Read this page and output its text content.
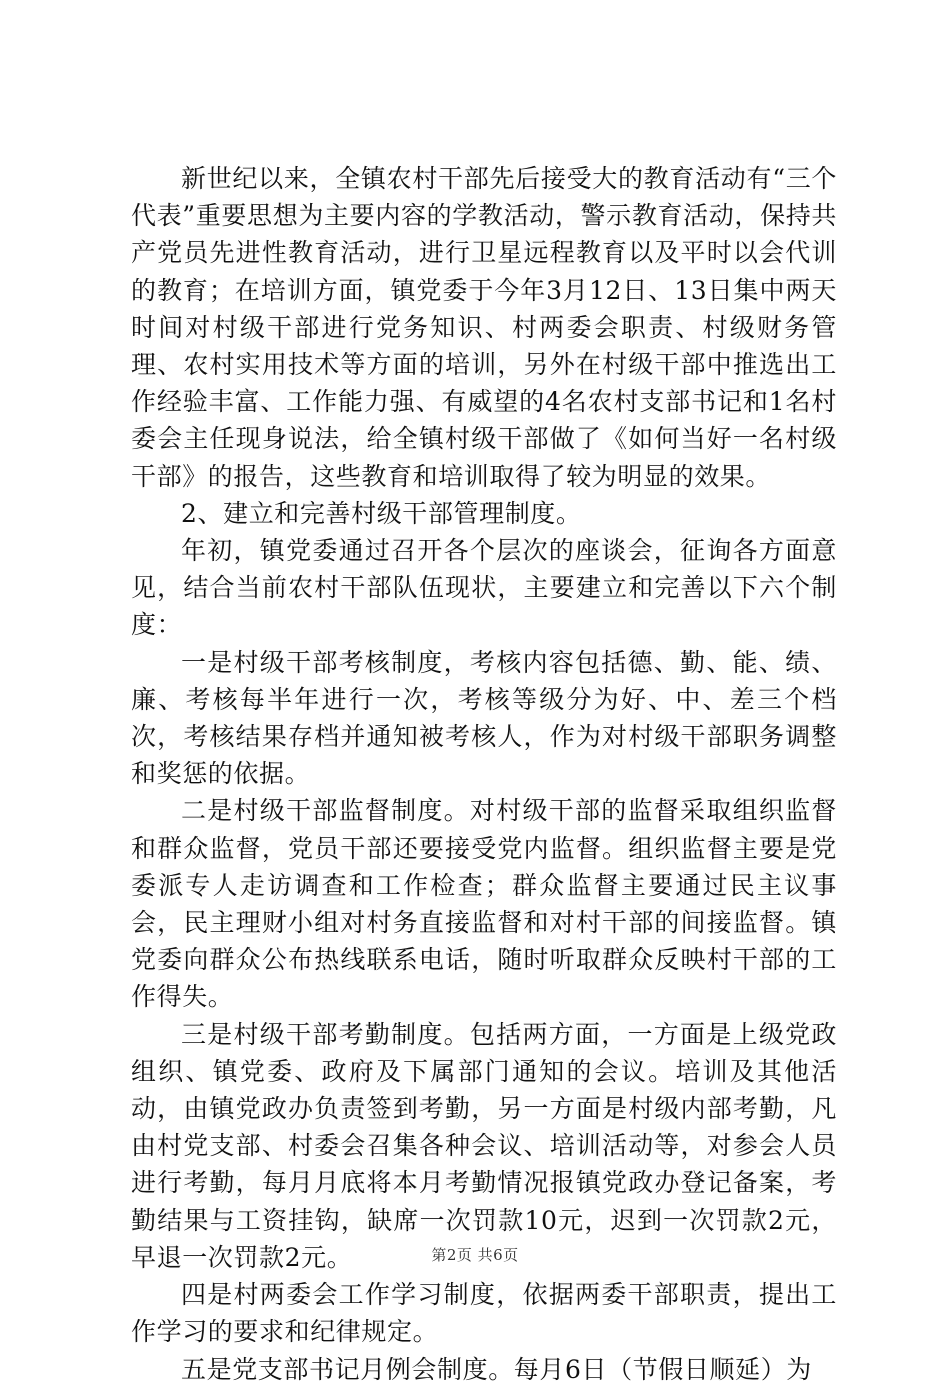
新世纪以来，全镇农村干部先后接受大的教育活动有“三个代表”重要思想为主要内容的学教活动，警示教育活动，保持共产党员先进性教育活动，进行卫星远程教育以及平时以会代训的教育；在培训方面，镇党委于今年3月12日、13日集中两天时间对村级干部进行党务知识、村两委会职责、村级财务管理、农村实用技术等方面的培训，另外在村级干部中推选出工作经验丰富、工作能力强、有威望的4名农村支部书记和1名村委会主任现身说法，给全镇村级干部做了《如何当好一名村级干部》的报告，这些教育和培训取得了较为明显的效果。

2、建立和完善村级干部管理制度。

年初，镇党委通过召开各个层次的座谈会，征询各方面意见，结合当前农村干部队伍现状，主要建立和完善以下六个制度：

一是村级干部考核制度，考核内容包括德、勤、能、绩、廉、考核每半年进行一次，考核等级分为好、中、差三个档次，考核结果存档并通知被考核人，作为对村级干部职务调整和奖惩的依据。

二是村级干部监督制度。对村级干部的监督采取组织监督和群众监督，党员干部还要接受党内监督。组织监督主要是党委派专人走访调查和工作检查；群众监督主要通过民主议事会，民主理财小组对村务直接监督和对村干部的间接监督。镇党委向群众公布热线联系电话，随时听取群众反映村干部的工作得失。

三是村级干部考勤制度。包括两方面，一方面是上级党政组织、镇党委、政府及下属部门通知的会议。培训及其他活动，由镇党政办负责签到考勤，另一方面是村级内部考勤，凡由村党支部、村委会召集各种会议、培训活动等，对参会人员进行考勤，每月月底将本月考勤情况报镇党政办登记备案，考勤结果与工资挂钩，缺席一次罚款10元，迟到一次罚款2元，早退一次罚款2元。

四是村两委会工作学习制度，依据两委干部职责，提出工作学习的要求和纪律规定。

五是党支部书记月例会制度。每月6日（节假日顺延）为

第2页 共6页
